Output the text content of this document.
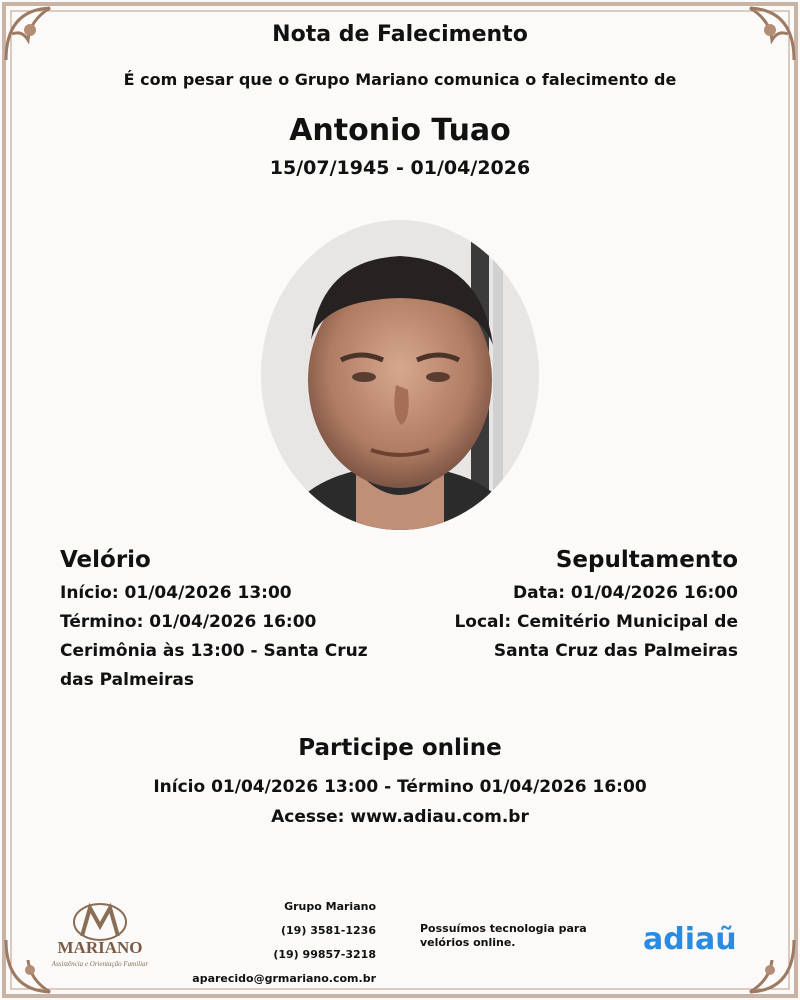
Nota de Falecimento
É com pesar que o Grupo Mariano comunica o falecimento de
Antonio Tuao
15/07/1945 - 01/04/2026
Velório
Início: 01/04/2026 13:00
Término: 01/04/2026 16:00
Cerimônia às 13:00 - Santa Cruz
das Palmeiras
Sepultamento
Data: 01/04/2026 16:00
Local: Cemitério Municipal de
Santa Cruz das Palmeiras
Participe online
Início 01/04/2026 13:00 - Término 01/04/2026 16:00
Acesse: www.adiau.com.br
MARIANO
Assistência e Orientação Familiar
Grupo Mariano
(19) 3581-1236
(19) 99857-3218
aparecido@grmariano.com.br
Possuímos tecnologia para velórios online.	adiaũ
